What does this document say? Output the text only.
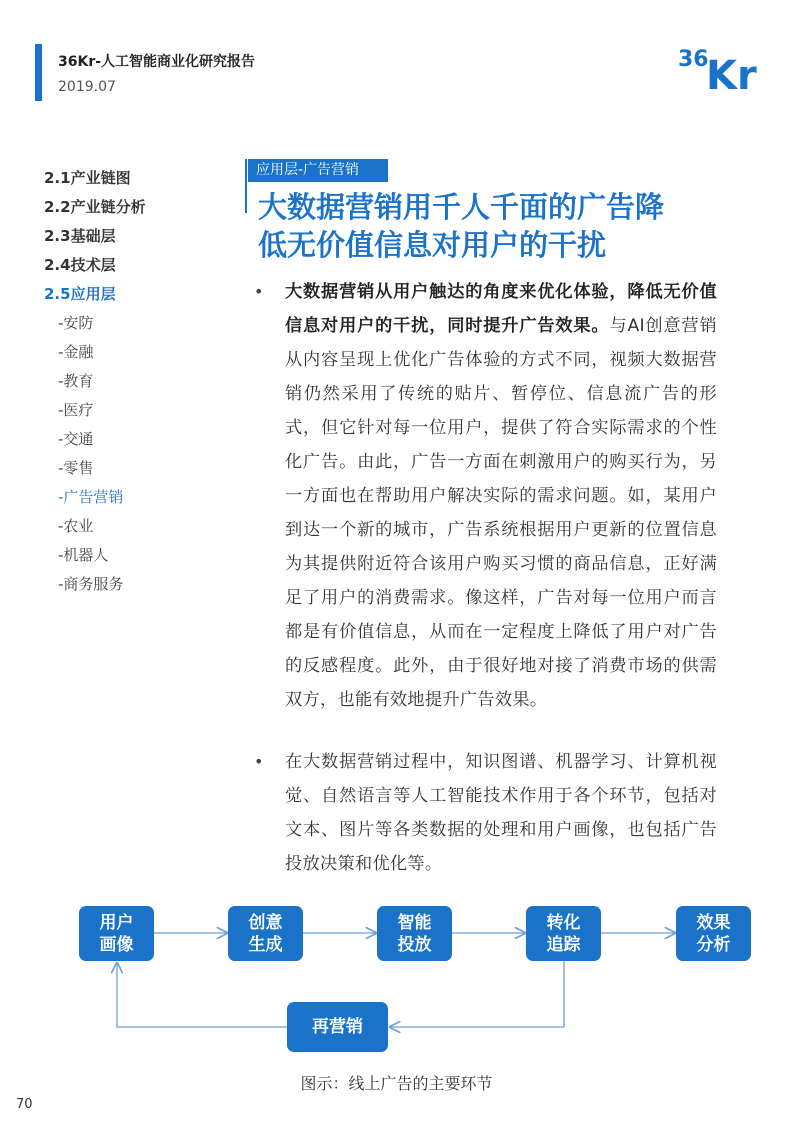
36Kr-人工智能商业化研究报告
2019.07
36
Kr
2.1产业链图
2.2产业链分析
2.3基础层
2.4技术层
2.5应用层
-安防
-金融
-教育
-医疗
-交通
-零售
-广告营销
-农业
-机器人
-商务服务
应用层-广告营销
大数据营销用千人千面的广告降
低无价值信息对用户的干扰
• 大数据营销从用户触达的角度来优化体验，降低无价值信息对用户的干扰，同时提升广告效果。与AI创意营销从内容呈现上优化广告体验的方式不同，视频大数据营销仍然采用了传统的贴片、暂停位、信息流广告的形式，但它针对每一位用户，提供了符合实际需求的个性化广告。由此，广告一方面在刺激用户的购买行为，另一方面也在帮助用户解决实际的需求问题。如，某用户到达一个新的城市，广告系统根据用户更新的位置信息为其提供附近符合该用户购买习惯的商品信息，正好满足了用户的消费需求。像这样，广告对每一位用户而言都是有价值信息，从而在一定程度上降低了用户对广告的反感程度。此外，由于很好地对接了消费市场的供需双方，也能有效地提升广告效果。
• 在大数据营销过程中，知识图谱、机器学习、计算机视觉、自然语言等人工智能技术作用于各个环节，包括对文本、图片等各类数据的处理和用户画像，也包括广告投放决策和优化等。
用户画像
创意生成
智能投放
转化追踪
效果分析
再营销
图示：线上广告的主要环节
70
